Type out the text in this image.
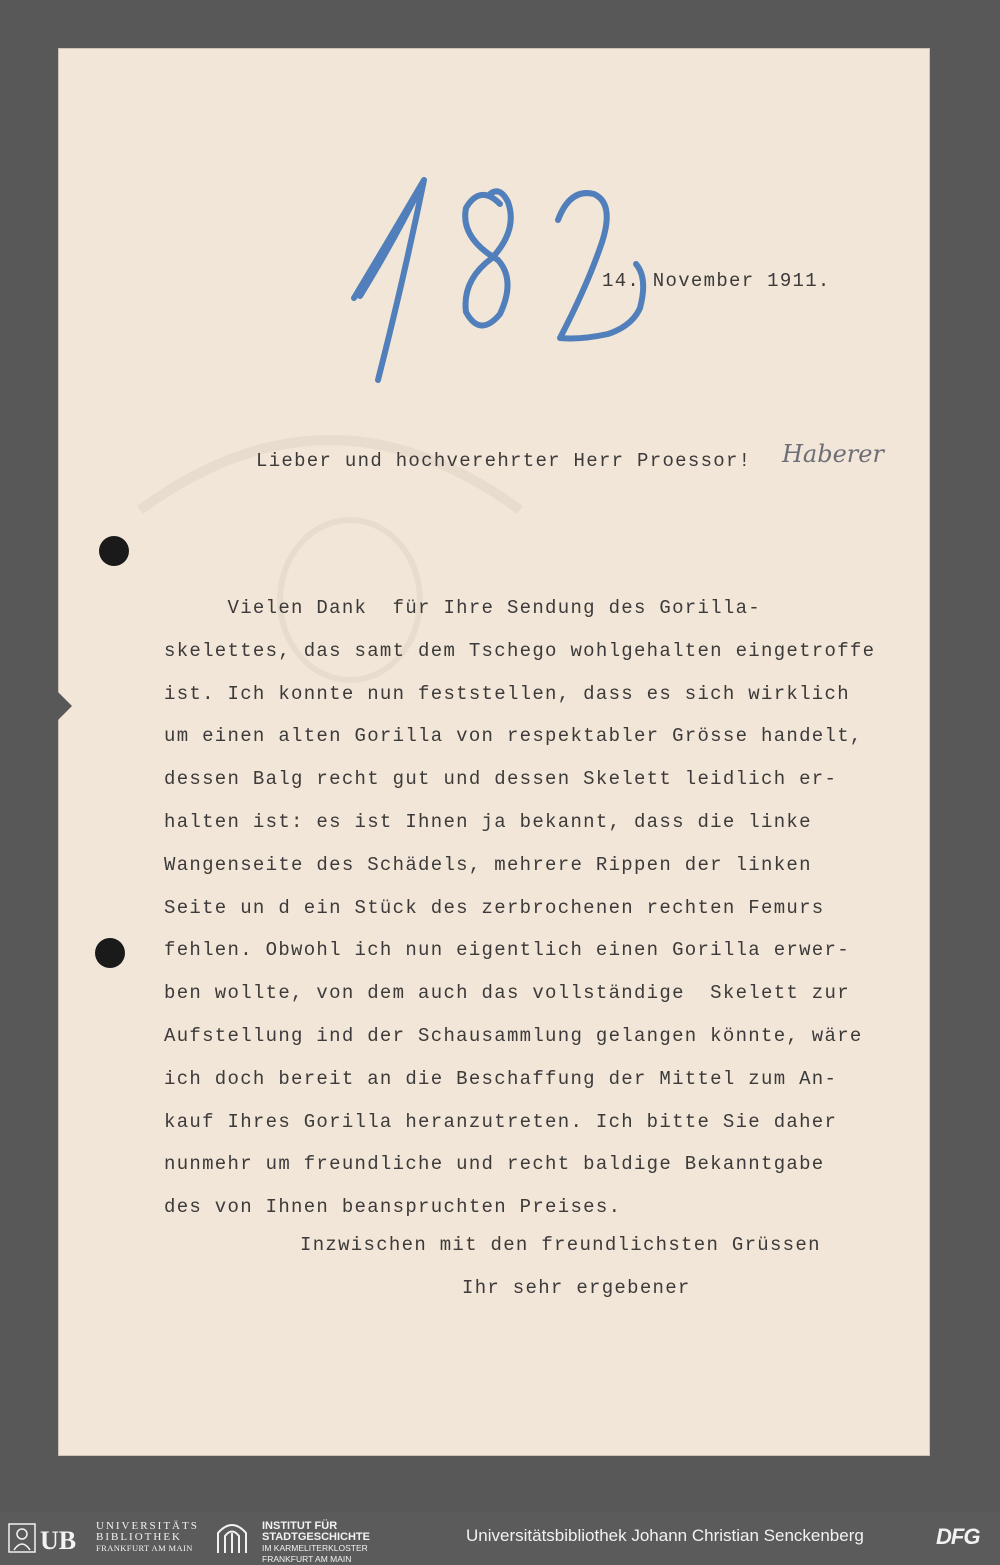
14. November 1911.
Lieber und hochverehrter Herr Proessor! Haberer
Vielen Dank  für Ihre Sendung des Gorilla-
skelettes, das samt dem Tschego wohlgehalten eingetroffe
ist. Ich konnte nun feststellen, dass es sich wirklich
um einen alten Gorilla von respektabler Grösse handelt,
dessen Balg recht gut und dessen Skelett leidlich er-
halten ist: es ist Ihnen ja bekannt, dass die linke
Wangenseite des Schädels, mehrere Rippen der linken
Seite un d ein Stück des zerbrochenen rechten Femurs
fehlen. Obwohl ich nun eigentlich einen Gorilla erwer-
ben wollte, von dem auch das vollständige  Skelett zur
Aufstellung ind der Schausammlung gelangen könnte, wäre
ich doch bereit an die Beschaffung der Mittel zum An-
kauf Ihres Gorilla heranzutreten. Ich bitte Sie daher
nunmehr um freundliche und recht baldige Bekanntgabe
des von Ihnen beanspruchten Preises.
Inzwischen mit den freundlichsten Grüssen
Ihr sehr ergebener
UB UNIVERSITÄTS
BIBLIOTHEK
FRANKFURT AM MAIN
INSTITUT FÜR
STADTGESCHICHTE
IM KARMELITERKLOSTER
FRANKFURT AM MAIN
Universitätsbibliothek Johann Christian Senckenberg	DFG
